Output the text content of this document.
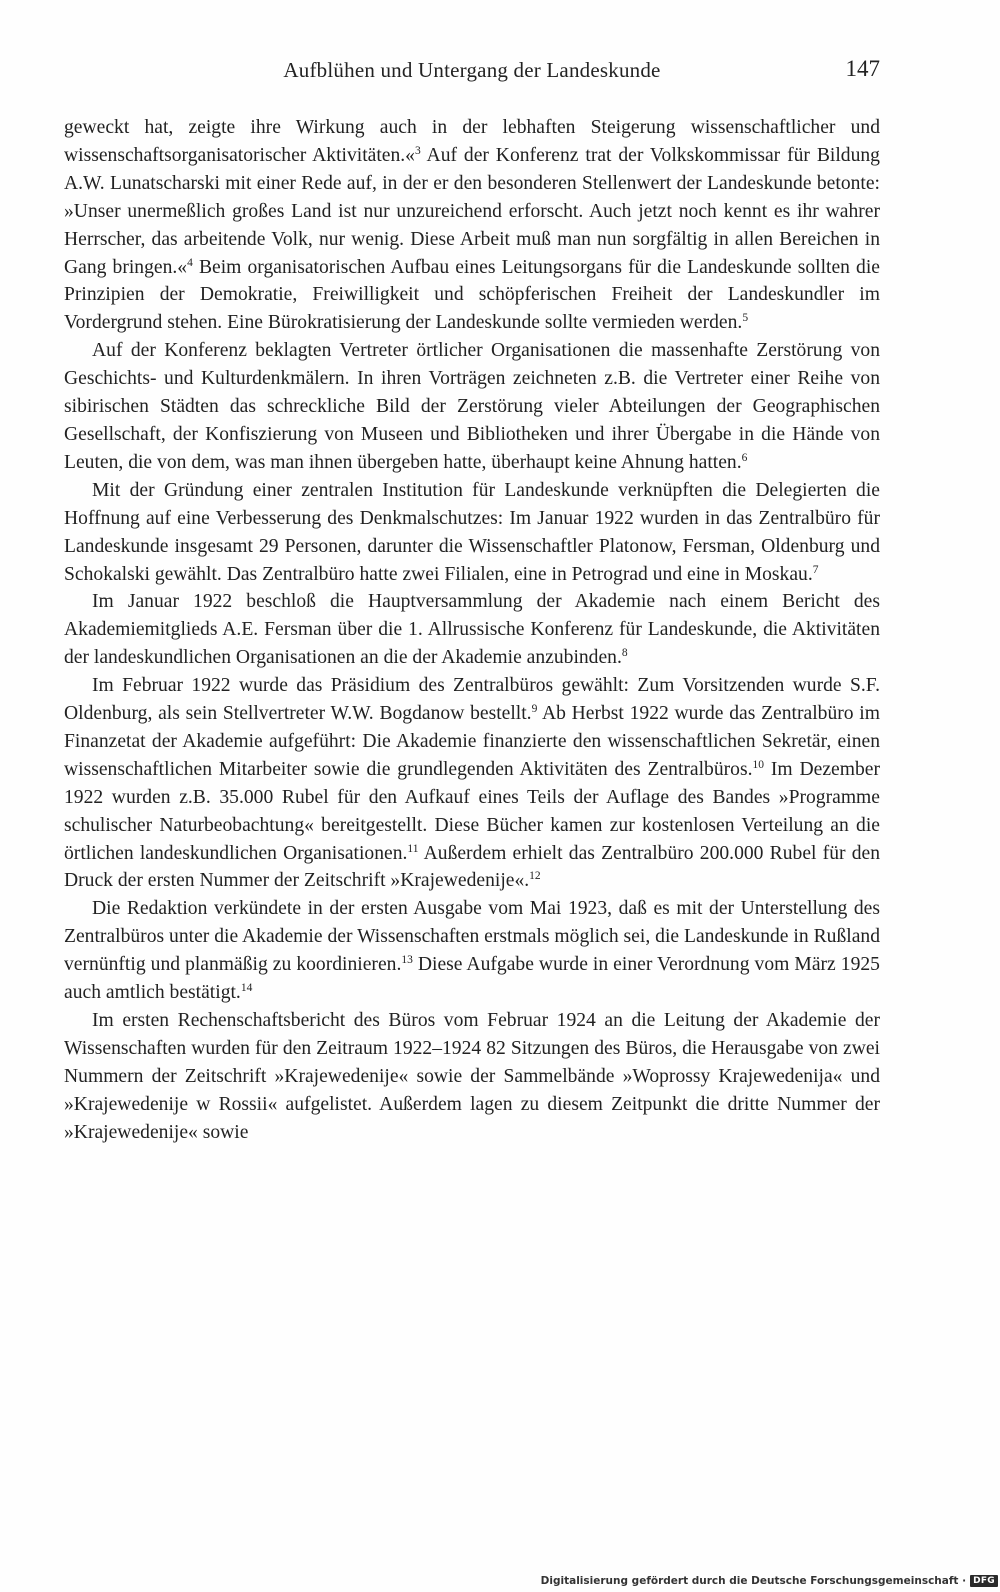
Aufblühen und Untergang der Landeskunde	147

geweckt hat, zeigte ihre Wirkung auch in der lebhaften Steigerung wissenschaftlicher und wissenschaftsorganisatorischer Aktivitäten.«$^3$ Auf der Konferenz trat der Volkskommissar für Bildung A.W. Lunatscharski mit einer Rede auf, in der er den besonderen Stellenwert der Landeskunde betonte: »Unser unermeßlich großes Land ist nur unzureichend erforscht. Auch jetzt noch kennt es ihr wahrer Herrscher, das arbeitende Volk, nur wenig. Diese Arbeit muß man nun sorgfältig in allen Bereichen in Gang bringen.«$^4$ Beim organisatorischen Aufbau eines Leitungsorgans für die Landeskunde sollten die Prinzipien der Demokratie, Freiwilligkeit und schöpferischen Freiheit der Landeskundler im Vordergrund stehen. Eine Bürokratisierung der Landeskunde sollte vermieden werden.$^5$

Auf der Konferenz beklagten Vertreter örtlicher Organisationen die massenhafte Zerstörung von Geschichts- und Kulturdenkmälern. In ihren Vorträgen zeichneten z.B. die Vertreter einer Reihe von sibirischen Städten das schreckliche Bild der Zerstörung vieler Abteilungen der Geographischen Gesellschaft, der Konfiszierung von Museen und Bibliotheken und ihrer Übergabe in die Hände von Leuten, die von dem, was man ihnen übergeben hatte, überhaupt keine Ahnung hatten.$^6$

Mit der Gründung einer zentralen Institution für Landeskunde verknüpften die Delegierten die Hoffnung auf eine Verbesserung des Denkmalschutzes: Im Januar 1922 wurden in das Zentralbüro für Landeskunde insgesamt 29 Personen, darunter die Wissenschaftler Platonow, Fersman, Oldenburg und Schokalski gewählt. Das Zentralbüro hatte zwei Filialen, eine in Petrograd und eine in Moskau.$^7$

Im Januar 1922 beschloß die Hauptversammlung der Akademie nach einem Bericht des Akademiemitglieds A.E. Fersman über die 1. Allrussische Konferenz für Landeskunde, die Aktivitäten der landeskundlichen Organisationen an die der Akademie anzubinden.$^8$

Im Februar 1922 wurde das Präsidium des Zentralbüros gewählt: Zum Vorsitzenden wurde S.F. Oldenburg, als sein Stellvertreter W.W. Bogdanow bestellt.$^9$ Ab Herbst 1922 wurde das Zentralbüro im Finanzetat der Akademie aufgeführt: Die Akademie finanzierte den wissenschaftlichen Sekretär, einen wissenschaftlichen Mitarbeiter sowie die grundlegenden Aktivitäten des Zentralbüros.$^{10}$ Im Dezember 1922 wurden z.B. 35.000 Rubel für den Aufkauf eines Teils der Auflage des Bandes »Programme schulischer Naturbeobachtung« bereitgestellt. Diese Bücher kamen zur kostenlosen Verteilung an die örtlichen landeskundlichen Organisationen.$^{11}$ Außerdem erhielt das Zentralbüro 200.000 Rubel für den Druck der ersten Nummer der Zeitschrift »Krajewedenije«.$^{12}$

Die Redaktion verkündete in der ersten Ausgabe vom Mai 1923, daß es mit der Unterstellung des Zentralbüros unter die Akademie der Wissenschaften erstmals möglich sei, die Landeskunde in Rußland vernünftig und planmäßig zu koordinieren.$^{13}$ Diese Aufgabe wurde in einer Verordnung vom März 1925 auch amtlich bestätigt.$^{14}$

Im ersten Rechenschaftsbericht des Büros vom Februar 1924 an die Leitung der Akademie der Wissenschaften wurden für den Zeitraum 1922–1924 82 Sitzungen des Büros, die Herausgabe von zwei Nummern der Zeitschrift »Krajewedenije« sowie der Sammelbände »Woprossy Krajewedenija« und »Krajewedenije w Rossii« aufgelistet. Außerdem lagen zu diesem Zeitpunkt die dritte Nummer der »Krajewedenije« sowie

Digitalisierung gefördert durch die Deutsche Forschungsgemeinschaft · DFG
